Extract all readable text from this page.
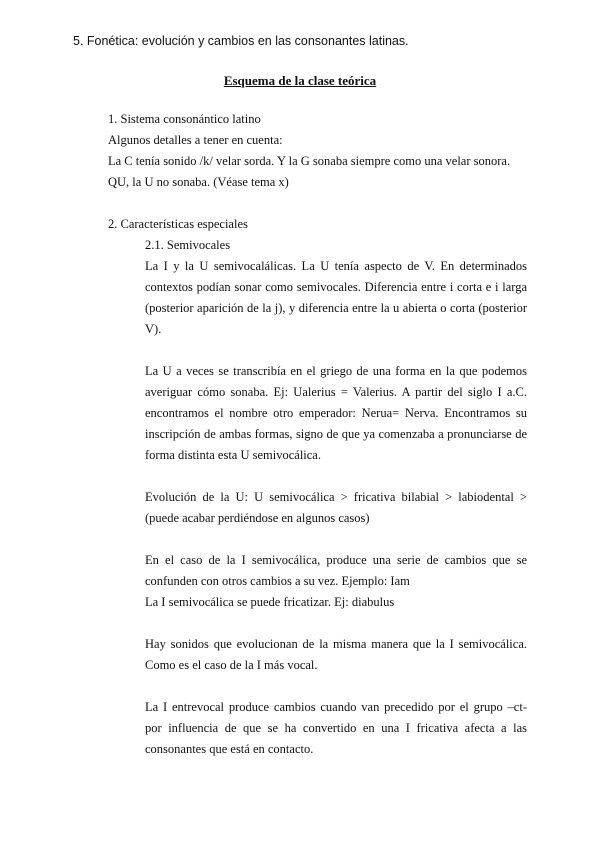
5. Fonética: evolución y cambios en las consonantes latinas.
Esquema de la clase teórica
1. Sistema consonántico latino
Algunos detalles a tener en cuenta:
La C tenía sonido /k/ velar sorda. Y la G sonaba siempre como una velar sonora.
QU, la U no sonaba. (Véase tema x)
2. Características especiales
2.1. Semivocales

La I y la U semivocalálicas. La U tenía aspecto de V. En determinados contextos podían sonar como semivocales. Diferencia entre i corta e i larga (posterior aparición de la j), y diferencia entre la u abierta o corta (posterior V).

La U a veces se transcribía en el griego de una forma en la que podemos averiguar cómo sonaba. Ej: Ualerius = Valerius. A partir del siglo I a.C. encontramos el nombre otro emperador: Nerua= Nerva. Encontramos su inscripción de ambas formas, signo de que ya comenzaba a pronunciarse de forma distinta esta U semivocálica.

Evolución de la U: U semivocálica > fricativa bilabial > labiodental >(puede acabar perdiéndose en algunos casos)

En el caso de la I semivocálica, produce una serie de cambios que se confunden con otros cambios a su vez. Ejemplo: Iam

La I semivocálica se puede fricatizar. Ej: diabulus

Hay sonidos que evolucionan de la misma manera que la I semivocálica. Como es el caso de la I más vocal.

La I entrevocal produce cambios cuando van precedido por el grupo –ct- por influencia de que se ha convertido en una I fricativa afecta a las consonantes que está en contacto.
